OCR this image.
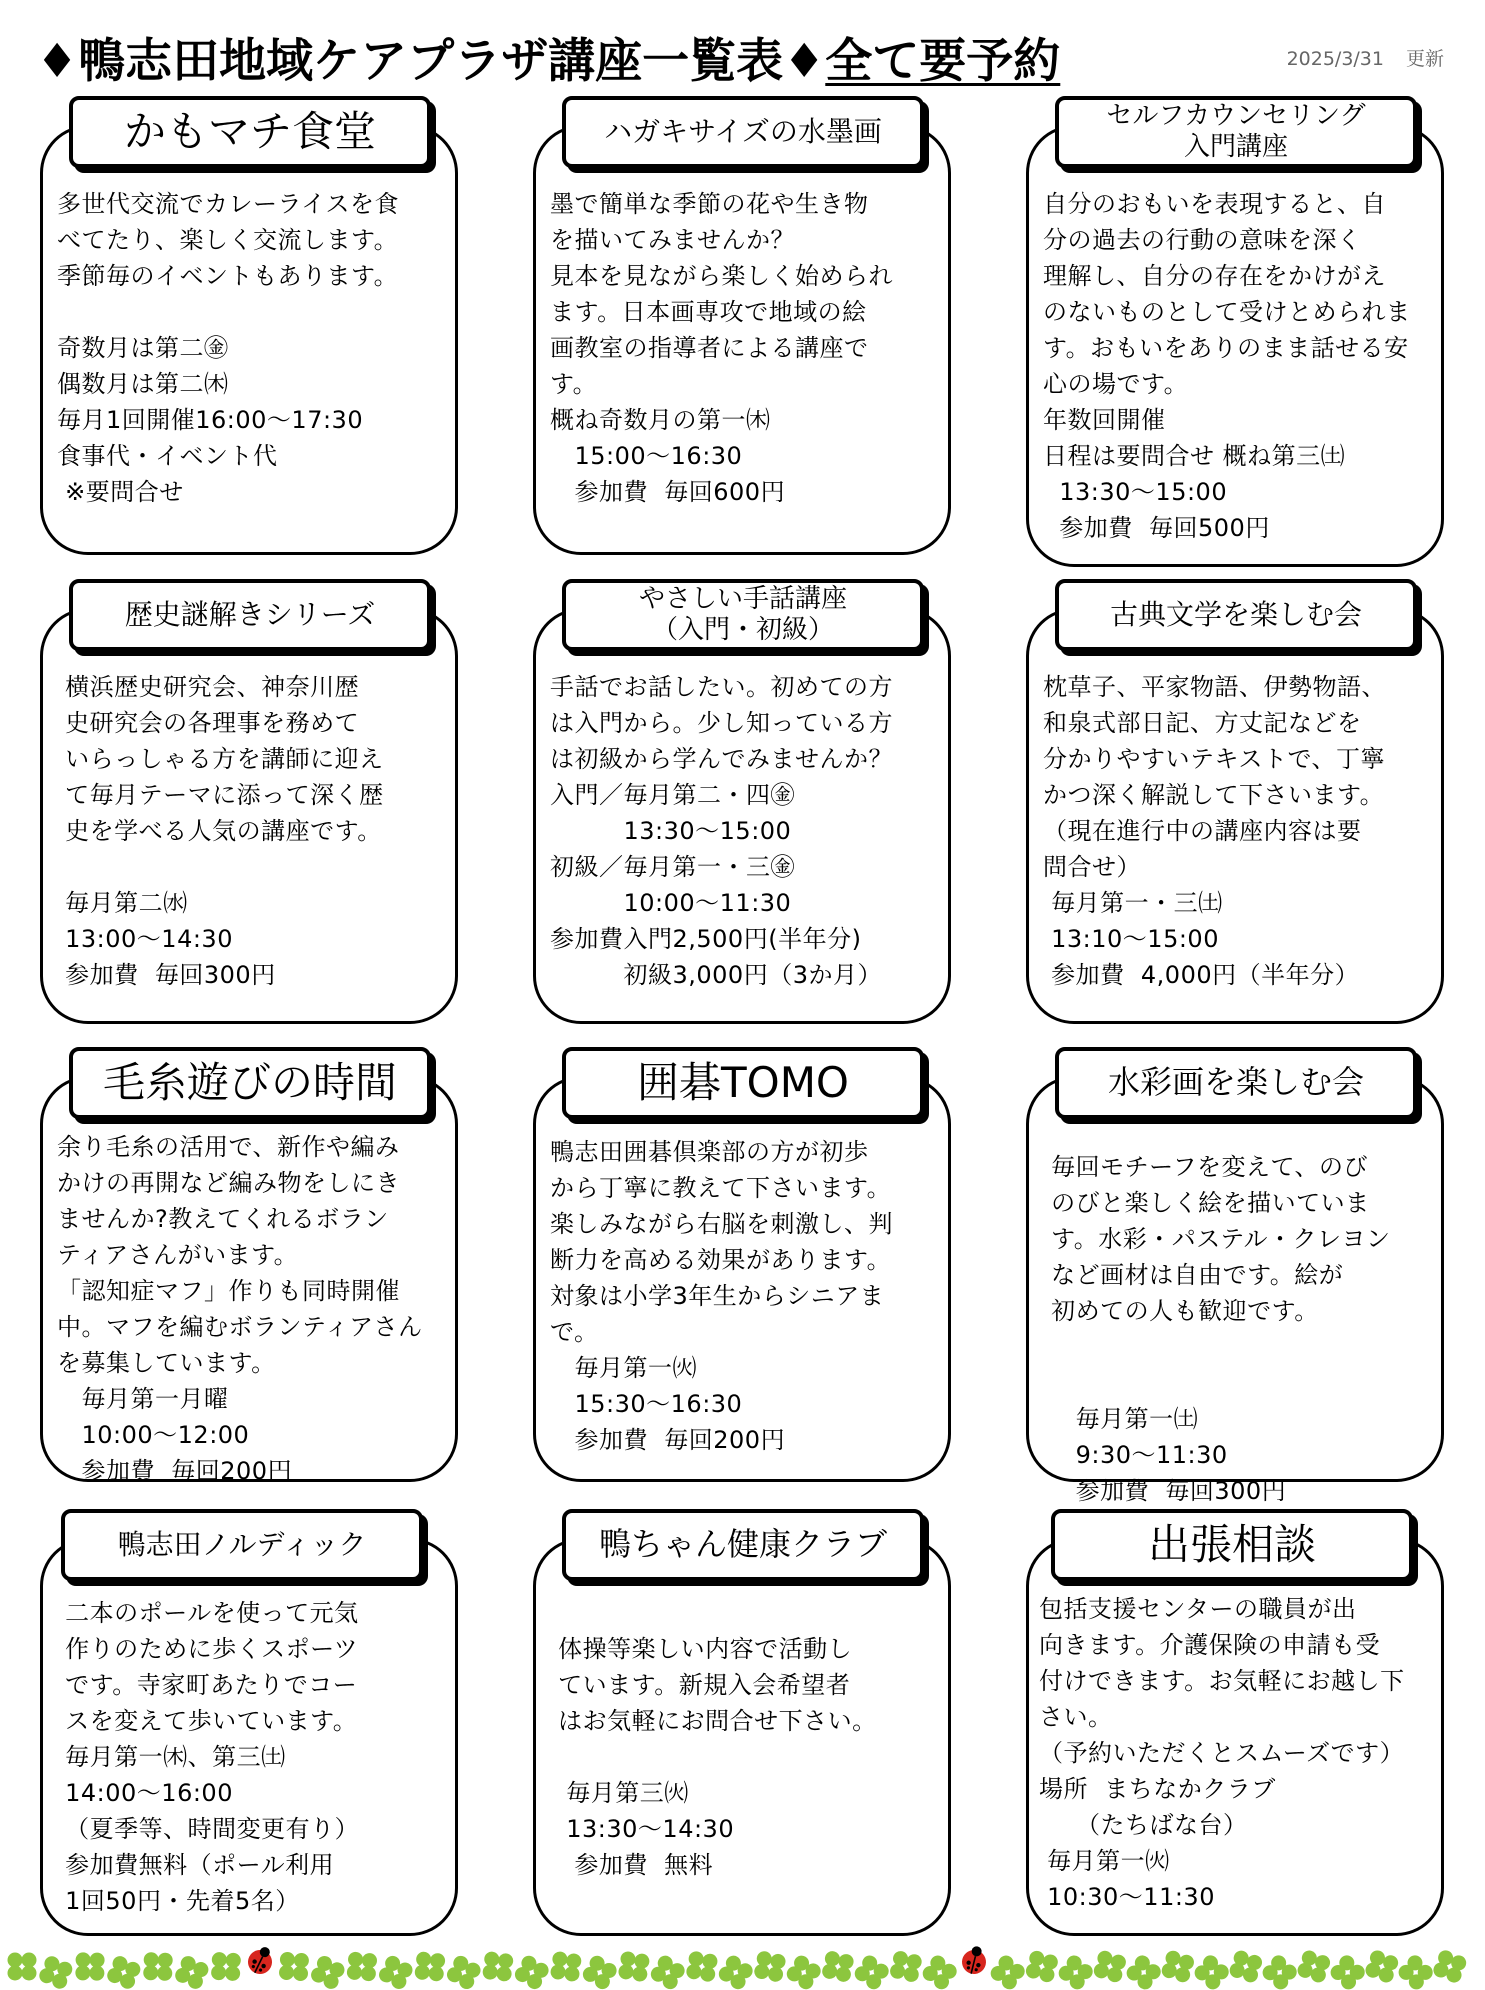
♦鴨志田地域ケアプラザ講座一覧表♦全て要予約	2025/3/31 更新
かもマチ食堂

多世代交流でカレーライスを食

べてたり、楽しく交流します。

季節毎のイベントもあります。

奇数月は第二㊎

偶数月は第二㈭

毎月1回開催16:00～17:30

食事代・イベント代

※要問合せ

ハガキサイズの水墨画

墨で簡単な季節の花や生き物

を描いてみませんか？

見本を見ながら楽しく始められ

ます。日本画専攻で地域の絵

画教室の指導者による講座で

す。

概ね奇数月の第一㈭

　15:00～16:30

　参加費  毎回600円

セルフカウンセリング
入門講座

自分のおもいを表現すると、自

分の過去の行動の意味を深く

理解し、自分の存在をかけがえ

のないものとして受けとめられま

す。おもいをありのまま話せる安

心の場です。

年数回開催

日程は要問合せ 概ね第三㈯

13:30～15:00

参加費  毎回500円

歴史謎解きシリーズ

横浜歴史研究会、神奈川歴

史研究会の各理事を務めて

いらっしゃる方を講師に迎え

て毎月テーマに添って深く歴

史を学べる人気の講座です。

毎月第二㈬

13:00～14:30

参加費  毎回300円

やさしい手話講座
（入門・初級）

手話でお話したい。初めての方

は入門から。少し知っている方

は初級から学んでみませんか？

入門／毎月第二・四㊎

　　　13:30～15:00

初級／毎月第一・三㊎

　　　10:00～11:30

参加費入門2,500円(半年分)

　　　初級3,000円（3か月）

古典文学を楽しむ会

枕草子、平家物語、伊勢物語、

和泉式部日記、方丈記などを

分かりやすいテキストで、丁寧

かつ深く解説して下さいます。

（現在進行中の講座内容は要

問合せ）

毎月第一・三㈯

13:10～15:00

参加費  4,000円（半年分）

毛糸遊びの時間

余り毛糸の活用で、新作や編み

かけの再開など編み物をしにき

ませんか?教えてくれるボラン

ティアさんがいます。

「認知症マフ」作りも同時開催

中。マフを編むボランティアさん

を募集しています。

　毎月第一月曜

　10:00～12:00

　参加費  毎回200円

囲碁TOMO

鴨志田囲碁倶楽部の方が初歩

から丁寧に教えて下さいます。

楽しみながら右脳を刺激し、判

断力を高める効果があります。

対象は小学3年生からシニアま

で。

　毎月第一㈫

　15:30～16:30

　参加費  毎回200円

水彩画を楽しむ会

毎回モチーフを変えて、のび

のびと楽しく絵を描いていま

す。水彩・パステル・クレヨン

など画材は自由です。絵が

初めての人も歓迎です。

　 毎月第一㈯

　 9:30～11:30

　 参加費  毎回300円

鴨志田ノルディック

二本のポールを使って元気

作りのために歩くスポーツ

です。寺家町あたりでコー

スを変えて歩いています。

毎月第一㈭、第三㈯

14:00～16:00

（夏季等、時間変更有り）

参加費無料（ポール利用

1回50円・先着5名）

鴨ちゃん健康クラブ

体操等楽しい内容で活動し

ています。新規入会希望者

はお気軽にお問合せ下さい。

毎月第三㈫

13:30～14:30

参加費  無料

出張相談

包括支援センターの職員が出

向きます。介護保険の申請も受

付けできます。お気軽にお越し下

さい。

（予約いただくとスムーズです）

場所  まちなかクラブ

　　（たちばな台）

毎月第一㈫

10:30～11:30
